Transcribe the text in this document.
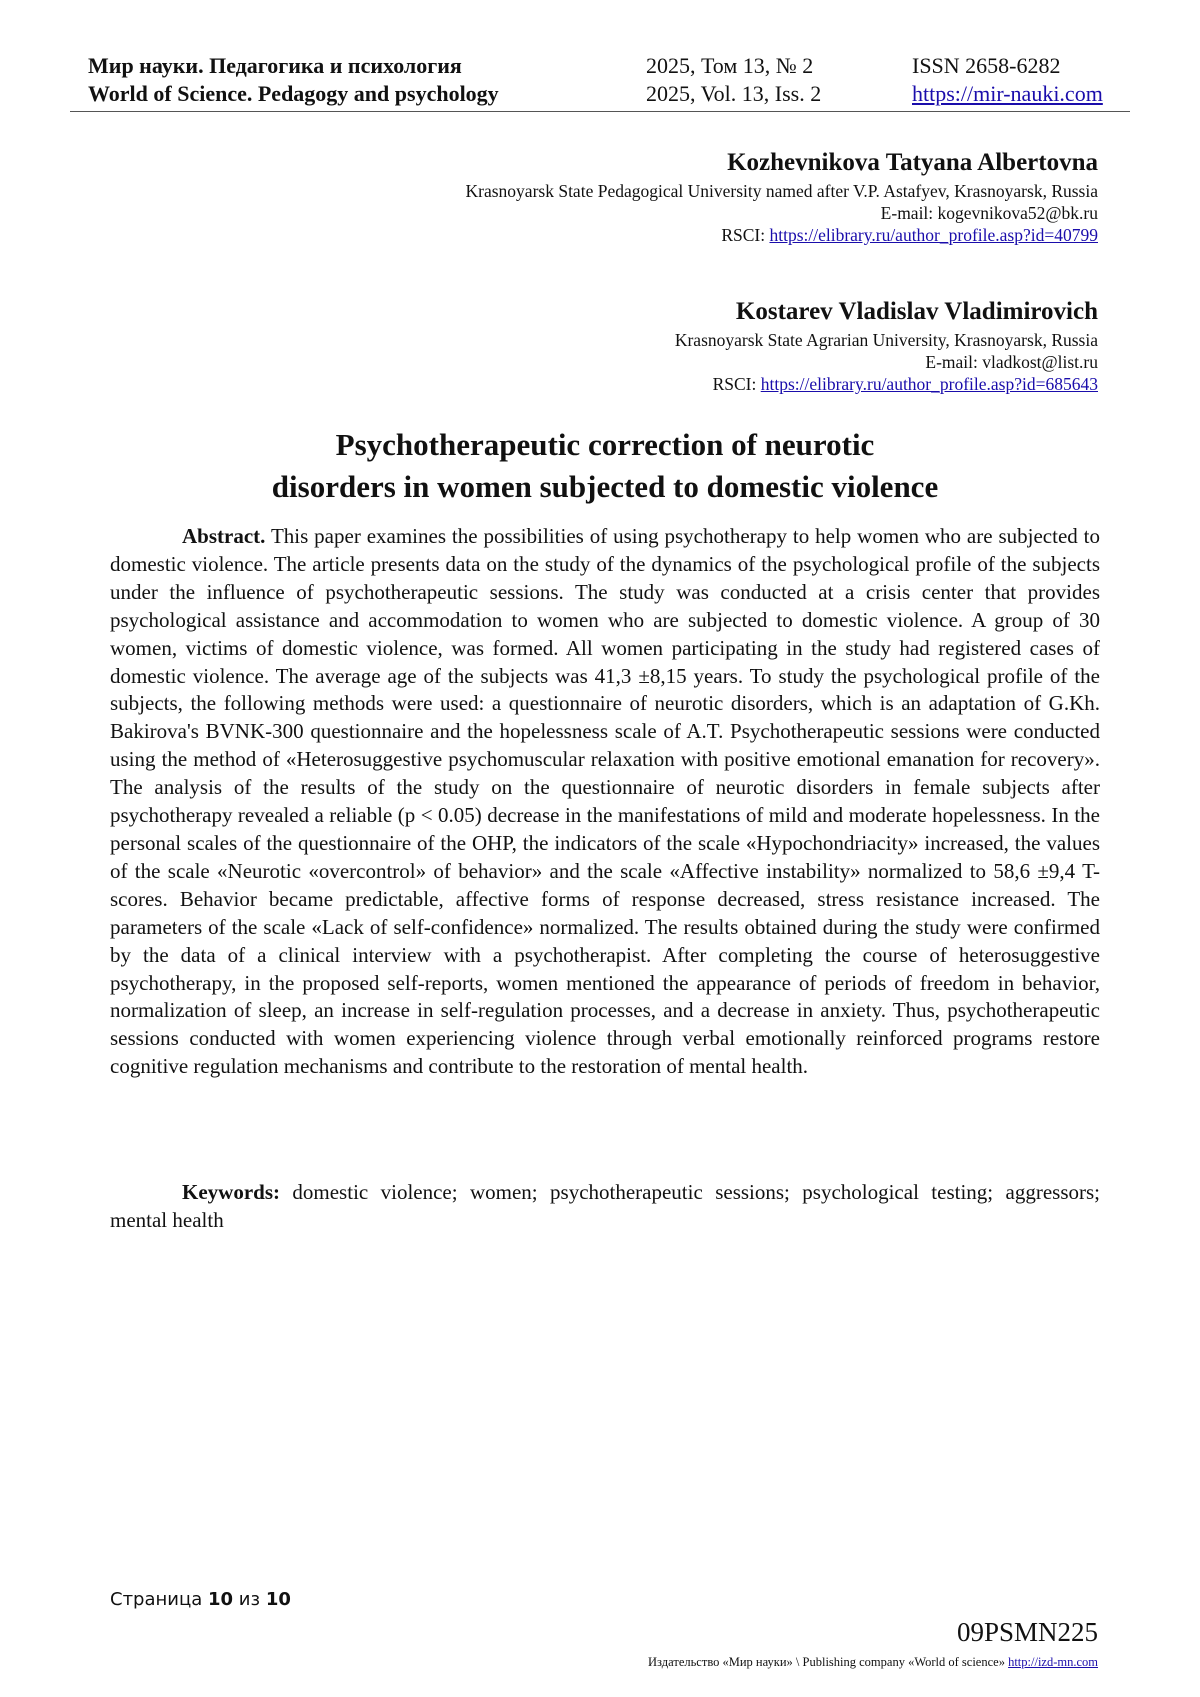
Мир науки. Педагогика и психология	2025, Том 13, № 2	ISSN 2658-6282
World of Science. Pedagogy and psychology	2025, Vol. 13, Iss. 2	https://mir-nauki.com
Kozhevnikova Tatyana Albertovna
Krasnoyarsk State Pedagogical University named after V.P. Astafyev, Krasnoyarsk, Russia
E-mail: kogevnikova52@bk.ru
RSCI: https://elibrary.ru/author_profile.asp?id=40799
Kostarev Vladislav Vladimirovich
Krasnoyarsk State Agrarian University, Krasnoyarsk, Russia
E-mail: vladkost@list.ru
RSCI: https://elibrary.ru/author_profile.asp?id=685643
Psychotherapeutic correction of neurotic
disorders in women subjected to domestic violence

Abstract. This paper examines the possibilities of using psychotherapy to help women who are subjected to domestic violence. The article presents data on the study of the dynamics of the psychological profile of the subjects under the influence of psychotherapeutic sessions. The study was conducted at a crisis center that provides psychological assistance and accommodation to women who are subjected to domestic violence. A group of 30 women, victims of domestic violence, was formed. All women participating in the study had registered cases of domestic violence. The average age of the subjects was 41,3 ±8,15 years. To study the psychological profile of the subjects, the following methods were used: a questionnaire of neurotic disorders, which is an adaptation of G.Kh. Bakirova's BVNK-300 questionnaire and the hopelessness scale of A.T. Psychotherapeutic sessions were conducted using the method of «Heterosuggestive psychomuscular relaxation with positive emotional emanation for recovery». The analysis of the results of the study on the questionnaire of neurotic disorders in female subjects after psychotherapy revealed a reliable (p < 0.05) decrease in the manifestations of mild and moderate hopelessness. In the personal scales of the questionnaire of the OHP, the indicators of the scale «Hypochondriacity» increased, the values of the scale «Neurotic «overcontrol» of behavior» and the scale «Affective instability» normalized to 58,6 ±9,4 T-scores. Behavior became predictable, affective forms of response decreased, stress resistance increased. The parameters of the scale «Lack of self-confidence» normalized. The results obtained during the study were confirmed by the data of a clinical interview with a psychotherapist. After completing the course of heterosuggestive psychotherapy, in the proposed self-reports, women mentioned the appearance of periods of freedom in behavior, normalization of sleep, an increase in self-regulation processes, and a decrease in anxiety. Thus, psychotherapeutic sessions conducted with women experiencing violence through verbal emotionally reinforced programs restore cognitive regulation mechanisms and contribute to the restoration of mental health.

Keywords: domestic violence; women; psychotherapeutic sessions; psychological testing; aggressors; mental health

Страница 10 из 10
09PSMN225
Издательство «Мир науки» \ Publishing company «World of science» http://izd-mn.com
